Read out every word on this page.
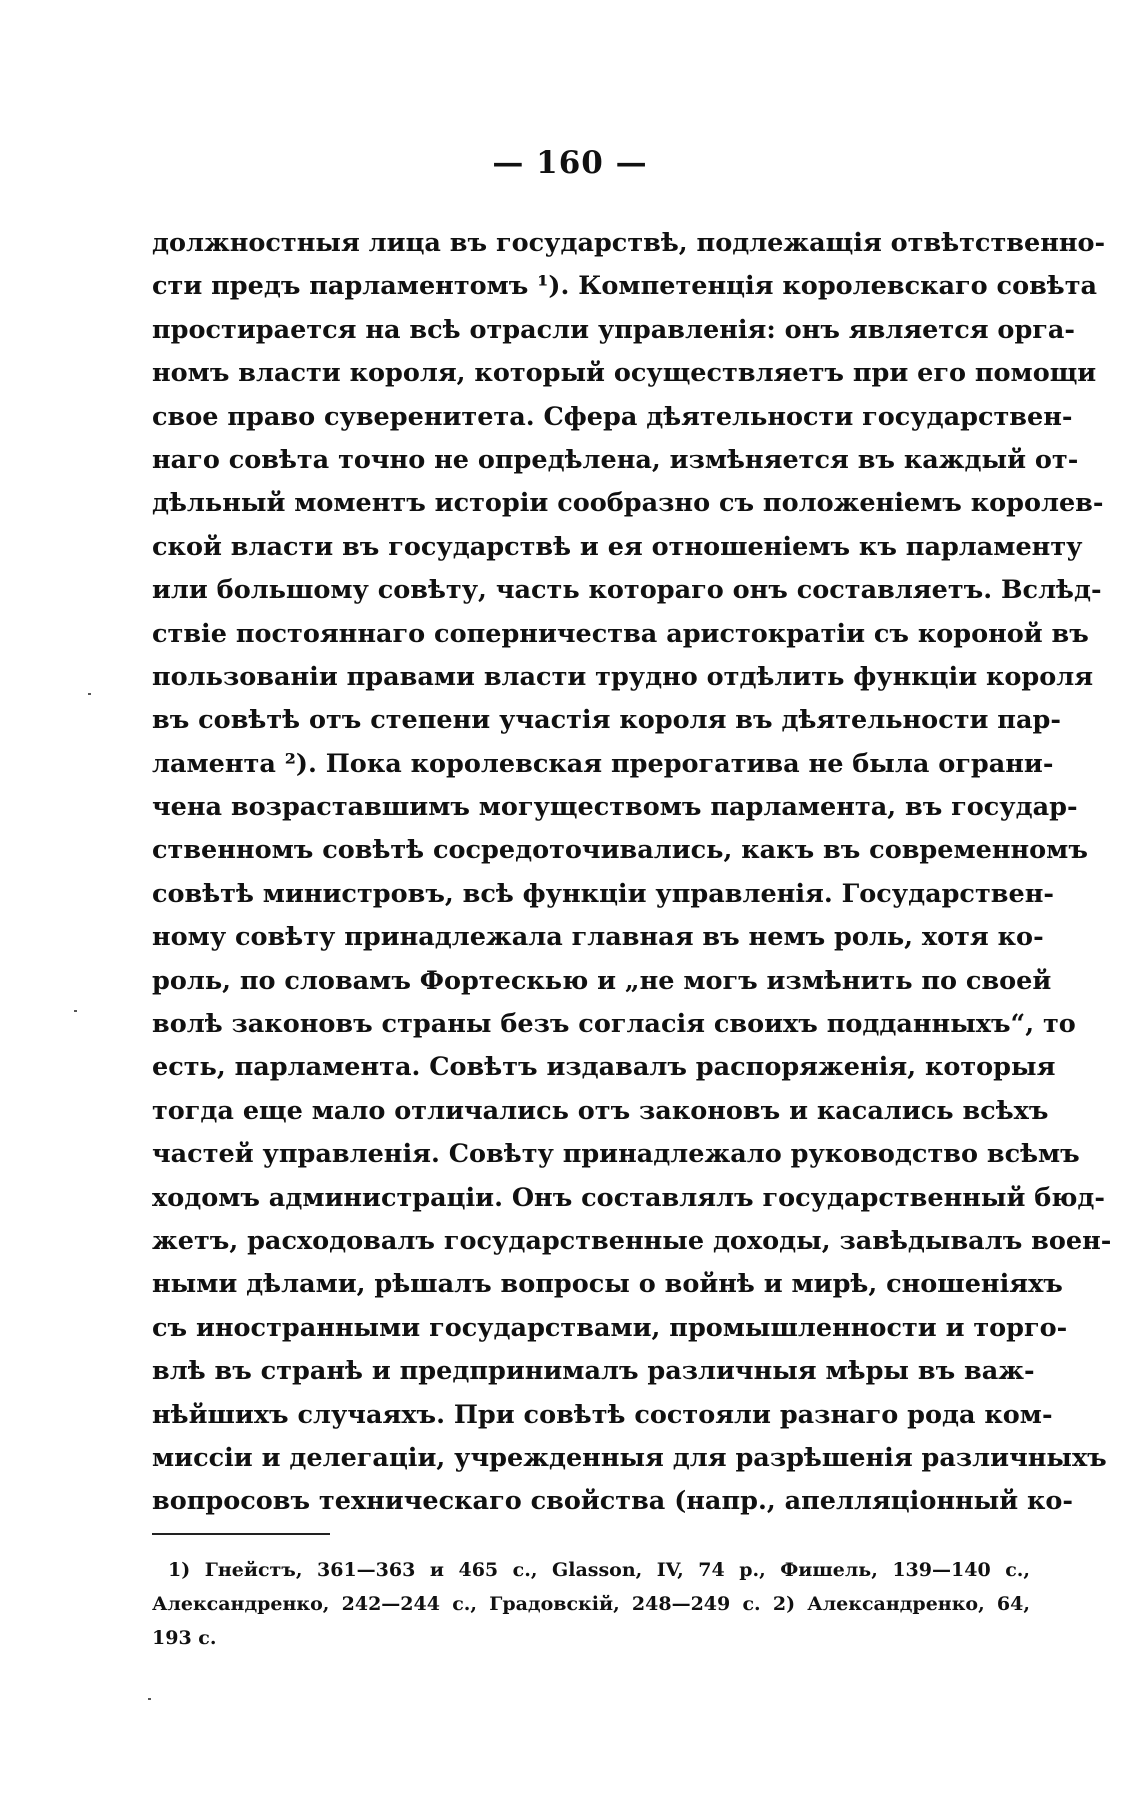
— 160 —
должностныя лица въ государствѣ, подлежащія отвѣтственно-
сти предъ парламентомъ ¹). Компетенція королевскаго совѣта
простирается на всѣ отрасли управленія: онъ является орга-
номъ власти короля, который осуществляетъ при его помощи
свое право суверенитета. Сфера дѣятельности государствен-
наго совѣта точно не опредѣлена, измѣняется въ каждый от-
дѣльный моментъ исторіи сообразно съ положеніемъ королев-
ской власти въ государствѣ и ея отношеніемъ къ парламенту
или большому совѣту, часть котораго онъ составляетъ. Вслѣд-
ствіе постояннаго соперничества аристократіи съ короной въ
пользованіи правами власти трудно отдѣлить функціи короля
въ совѣтѣ отъ степени участія короля въ дѣятельности пар-
ламента ²). Пока королевская прерогатива не была ограни-
чена возраставшимъ могуществомъ парламента, въ государ-
ственномъ совѣтѣ сосредоточивались, какъ въ современномъ
совѣтѣ министровъ, всѣ функціи управленія. Государствен-
ному совѣту принадлежала главная въ немъ роль, хотя ко-
роль, по словамъ Фортескью и „не могъ измѣнить по своей
волѣ законовъ страны безъ согласія своихъ подданныхъ“, то
есть, парламента. Совѣтъ издавалъ распоряженія, которыя
тогда еще мало отличались отъ законовъ и касались всѣхъ
частей управленія. Совѣту принадлежало руководство всѣмъ
ходомъ администраціи. Онъ составлялъ государственный бюд-
жетъ, расходовалъ государственные доходы, завѣдывалъ воен-
ными дѣлами, рѣшалъ вопросы о войнѣ и мирѣ, сношеніяхъ
съ иностранными государствами, промышленности и торго-
влѣ въ странѣ и предпринималъ различныя мѣры въ важ-
нѣйшихъ случаяхъ. При совѣтѣ состояли разнаго рода ком-
миссіи и делегаціи, учрежденныя для разрѣшенія различныхъ
вопросовъ техническаго свойства (напр., апелляціонный ко-
1) Гнейстъ, 361—363 и 465 с., Glasson, IV, 74 р., Фишель, 139—140 с.,
Александренко, 242—244 с., Градовскій, 248—249 с. 2) Александренко, 64,
193 с.
